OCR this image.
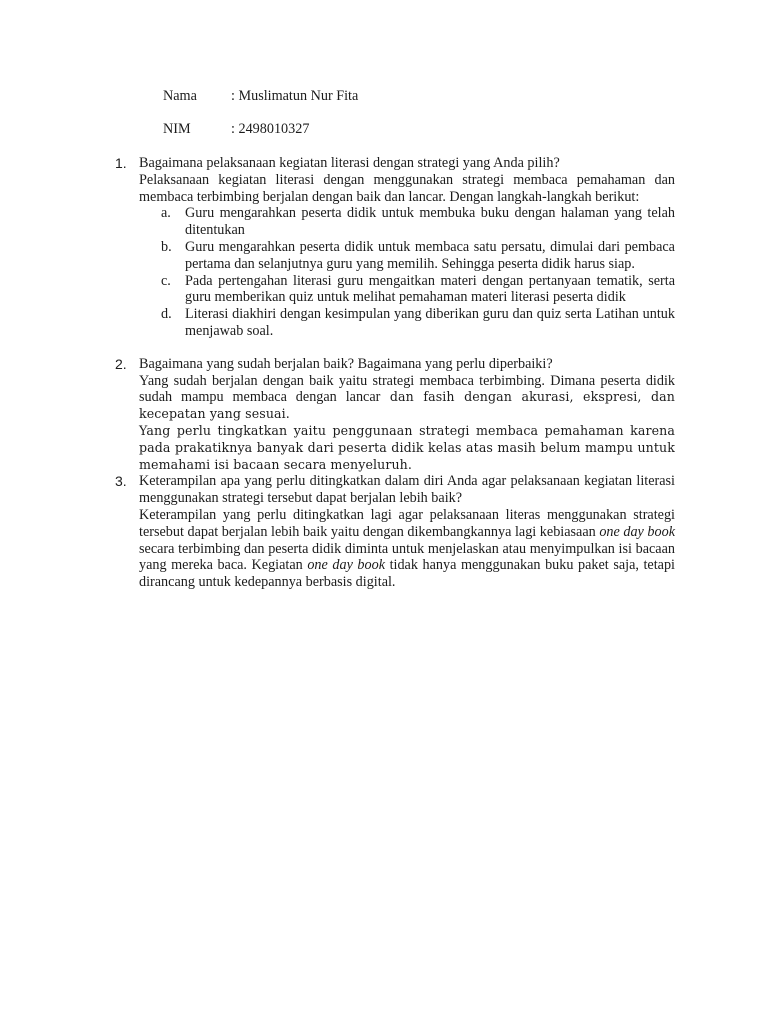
Nama : Muslimatun Nur Fita
NIM	: 2498010327
1. Bagaimana pelaksanaan kegiatan literasi dengan strategi yang Anda pilih?
Pelaksanaan kegiatan literasi dengan menggunakan strategi membaca pemahaman dan membaca terbimbing berjalan dengan baik dan lancar. Dengan langkah-langkah berikut:
a. Guru mengarahkan peserta didik untuk membuka buku dengan halaman yang telah ditentukan
b. Guru mengarahkan peserta didik untuk membaca satu persatu, dimulai dari pembaca pertama dan selanjutnya guru yang memilih. Sehingga peserta didik harus siap.
c. Pada pertengahan literasi guru mengaitkan materi dengan pertanyaan tematik, serta guru memberikan quiz untuk melihat pemahaman materi literasi peserta didik
d. Literasi diakhiri dengan kesimpulan yang diberikan guru dan quiz serta Latihan untuk menjawab soal.
2. Bagaimana yang sudah berjalan baik? Bagaimana yang perlu diperbaiki?
Yang sudah berjalan dengan baik yaitu strategi membaca terbimbing. Dimana peserta didik sudah mampu membaca dengan lancar dan fasih dengan akurasi, ekspresi, dan kecepatan yang sesuai.
Yang perlu tingkatkan yaitu penggunaan strategi membaca pemahaman karena pada prakatiknya banyak dari peserta didik kelas atas masih belum mampu untuk memahami isi bacaan secara menyeluruh.
3. Keterampilan apa yang perlu ditingkatkan dalam diri Anda agar pelaksanaan kegiatan literasi menggunakan strategi tersebut dapat berjalan lebih baik?
Keterampilan yang perlu ditingkatkan lagi agar pelaksanaan literas menggunakan strategi tersebut dapat berjalan lebih baik yaitu dengan dikembangkannya lagi kebiasaan one day book secara terbimbing dan peserta didik diminta untuk menjelaskan atau menyimpulkan isi bacaan yang mereka baca. Kegiatan one day book tidak hanya menggunakan buku paket saja, tetapi dirancang untuk kedepannya berbasis digital.
